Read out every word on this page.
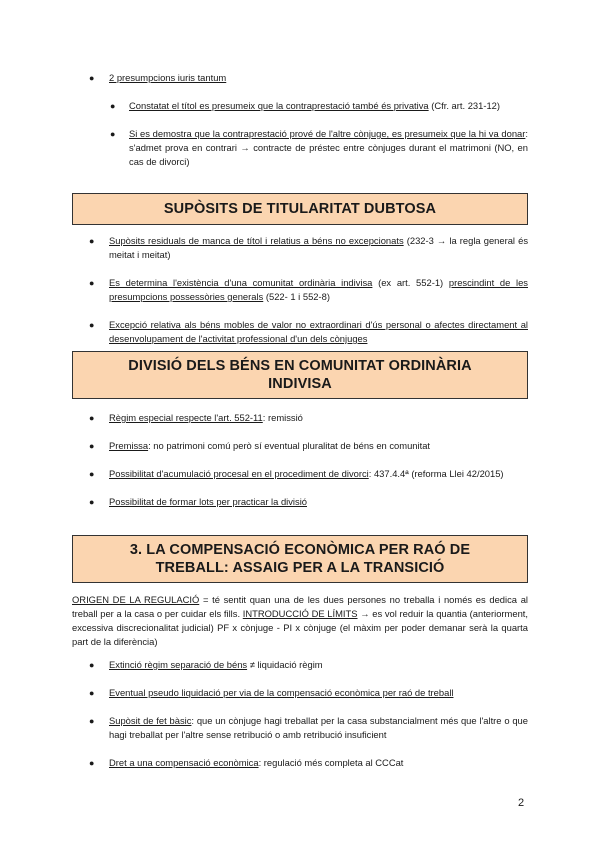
● 2 presumpcions iuris tantum
● Constatat el títol es presumeix que la contraprestació també és privativa (Cfr. art. 231-12)
● Si es demostra que la contraprestació prové de l'altre cònjuge, es presumeix que la hi va donar: s'admet prova en contrari → contracte de préstec entre cònjuges durant el matrimoni (NO, en cas de divorci)
SUPÒSITS DE TITULARITAT DUBTOSA
● Supòsits residuals de manca de títol i relatius a béns no excepcionats (232-3 → la regla general és meitat i meitat)
● Es determina l'existència d'una comunitat ordinària indivisa (ex art. 552-1) prescindint de les presumpcions possessòries generals (522- 1 i 552-8)
● Excepció relativa als béns mobles de valor no extraordinari d'ús personal o afectes directament al desenvolupament de l'activitat professional d'un dels cònjuges
DIVISIÓ DELS BÉNS EN COMUNITAT ORDINÀRIA
INDIVISA
● Règim especial respecte l'art. 552-11: remissió
● Premissa: no patrimoni comú però sí eventual pluralitat de béns en comunitat
● Possibilitat d'acumulació procesal en el procediment de divorci: 437.4.4ª (reforma Llei 42/2015)
● Possibilitat de formar lots per practicar la divisió
3. LA COMPENSACIÓ ECONÒMICA PER RAÓ DE
TREBALL: ASSAIG PER A LA TRANSICIÓ
ORIGEN DE LA REGULACIÓ = té sentit quan una de les dues persones no treballa i només es dedica al treball per a la casa o per cuidar els fills. INTRODUCCIÓ DE LÍMITS → es vol reduir la quantia (anteriorment, excessiva discrecionalitat judicial) PF x cònjuge - PI x cònjuge (el màxim per poder demanar serà la quarta part de la diferència)
● Extinció règim separació de béns ≠ liquidació règim
● Eventual pseudo liquidació per via de la compensació econòmica per raó de treball
● Supòsit de fet bàsic: que un cònjuge hagi treballat per la casa substancialment més que l'altre o que hagi treballat per l'altre sense retribució o amb retribució insuficient
● Dret a una compensació econòmica: regulació més completa al CCCat
2
